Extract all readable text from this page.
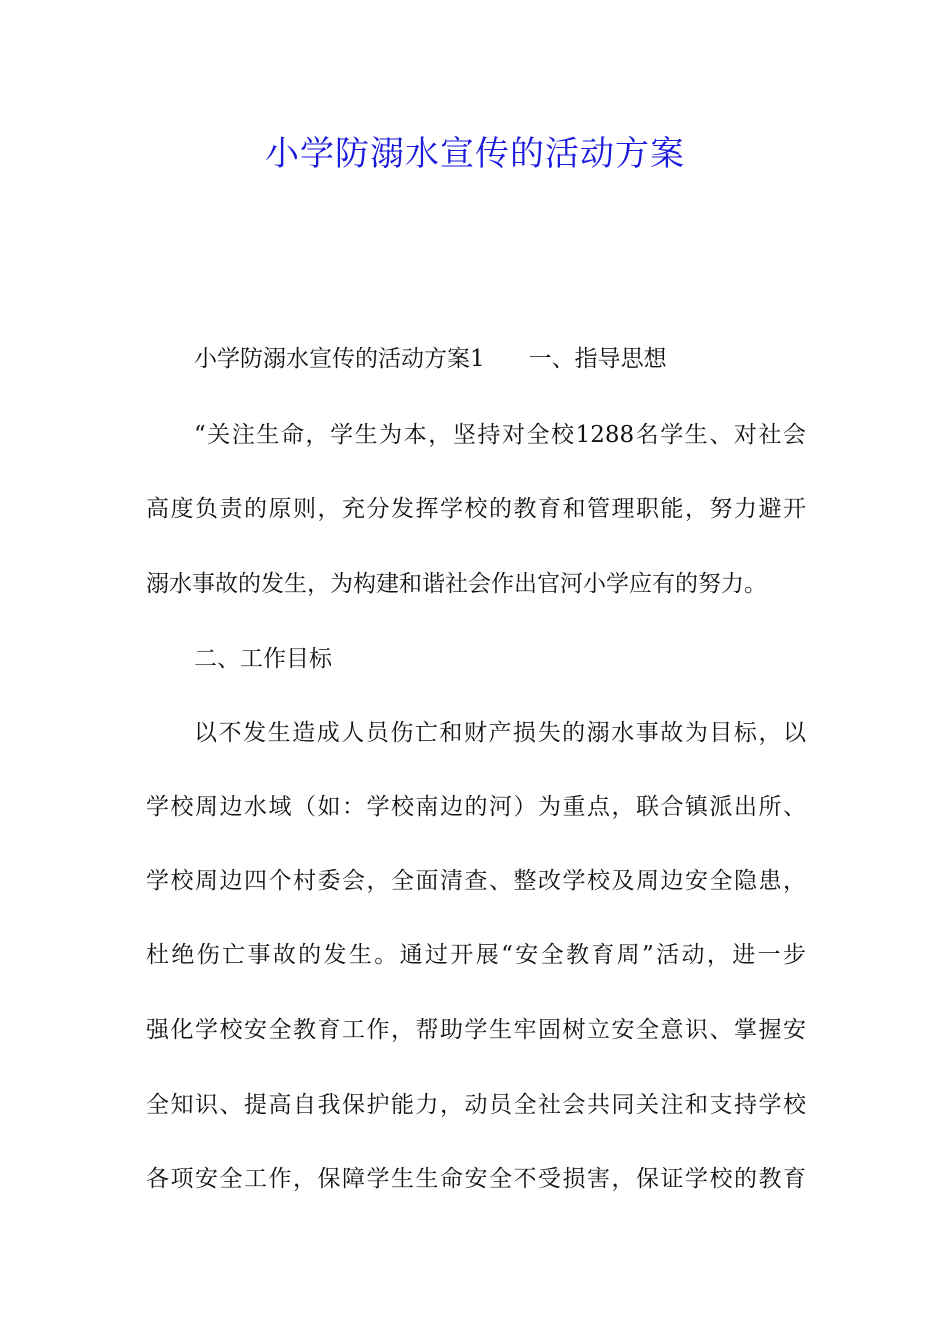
小学防溺水宣传的活动方案

小学防溺水宣传的活动方案1 一、指导思想

“关注生命，学生为本，坚持对全校1288名学生、对社会

高度负责的原则，充分发挥学校的教育和管理职能，努力避开

溺水事故的发生，为构建和谐社会作出官河小学应有的努力。

二、工作目标

以不发生造成人员伤亡和财产损失的溺水事故为目标，以

学校周边水域（如：学校南边的河）为重点，联合镇派出所、

学校周边四个村委会，全面清查、整改学校及周边安全隐患，

杜绝伤亡事故的发生。通过开展“安全教育周”活动，进一步

强化学校安全教育工作，帮助学生牢固树立安全意识、掌握安

全知识、提高自我保护能力，动员全社会共同关注和支持学校

各项安全工作，保障学生生命安全不受损害，保证学校的教育
